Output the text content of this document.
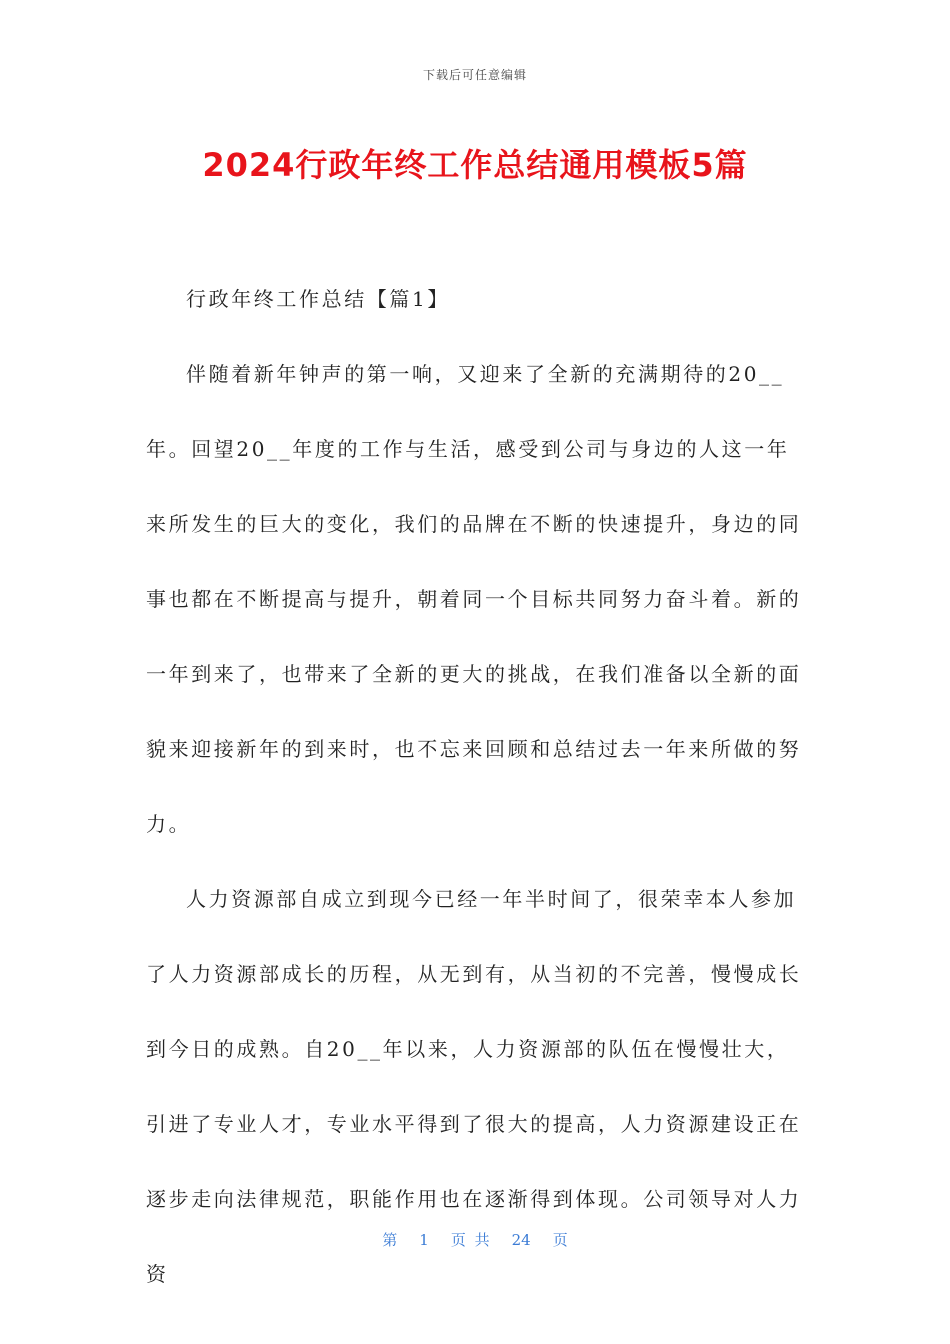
下载后可任意编辑
2024行政年终工作总结通用模板5篇

行政年终工作总结【篇1】

伴随着新年钟声的第一响，又迎来了全新的充满期待的20__年。回望20__年度的工作与生活，感受到公司与身边的人这一年来所发生的巨大的变化，我们的品牌在不断的快速提升，身边的同事也都在不断提高与提升，朝着同一个目标共同努力奋斗着。新的一年到来了，也带来了全新的更大的挑战，在我们准备以全新的面貌来迎接新年的到来时，也不忘来回顾和总结过去一年来所做的努力。

人力资源部自成立到现今已经一年半时间了，很荣幸本人参加了人力资源部成长的历程，从无到有，从当初的不完善，慢慢成长到今日的成熟。自20__年以来，人力资源部的队伍在慢慢壮大，引进了专业人才，专业水平得到了很大的提高，人力资源建设正在逐步走向法律规范，职能作用也在逐渐得到体现。公司领导对人力资

第 1 页 共 24 页
